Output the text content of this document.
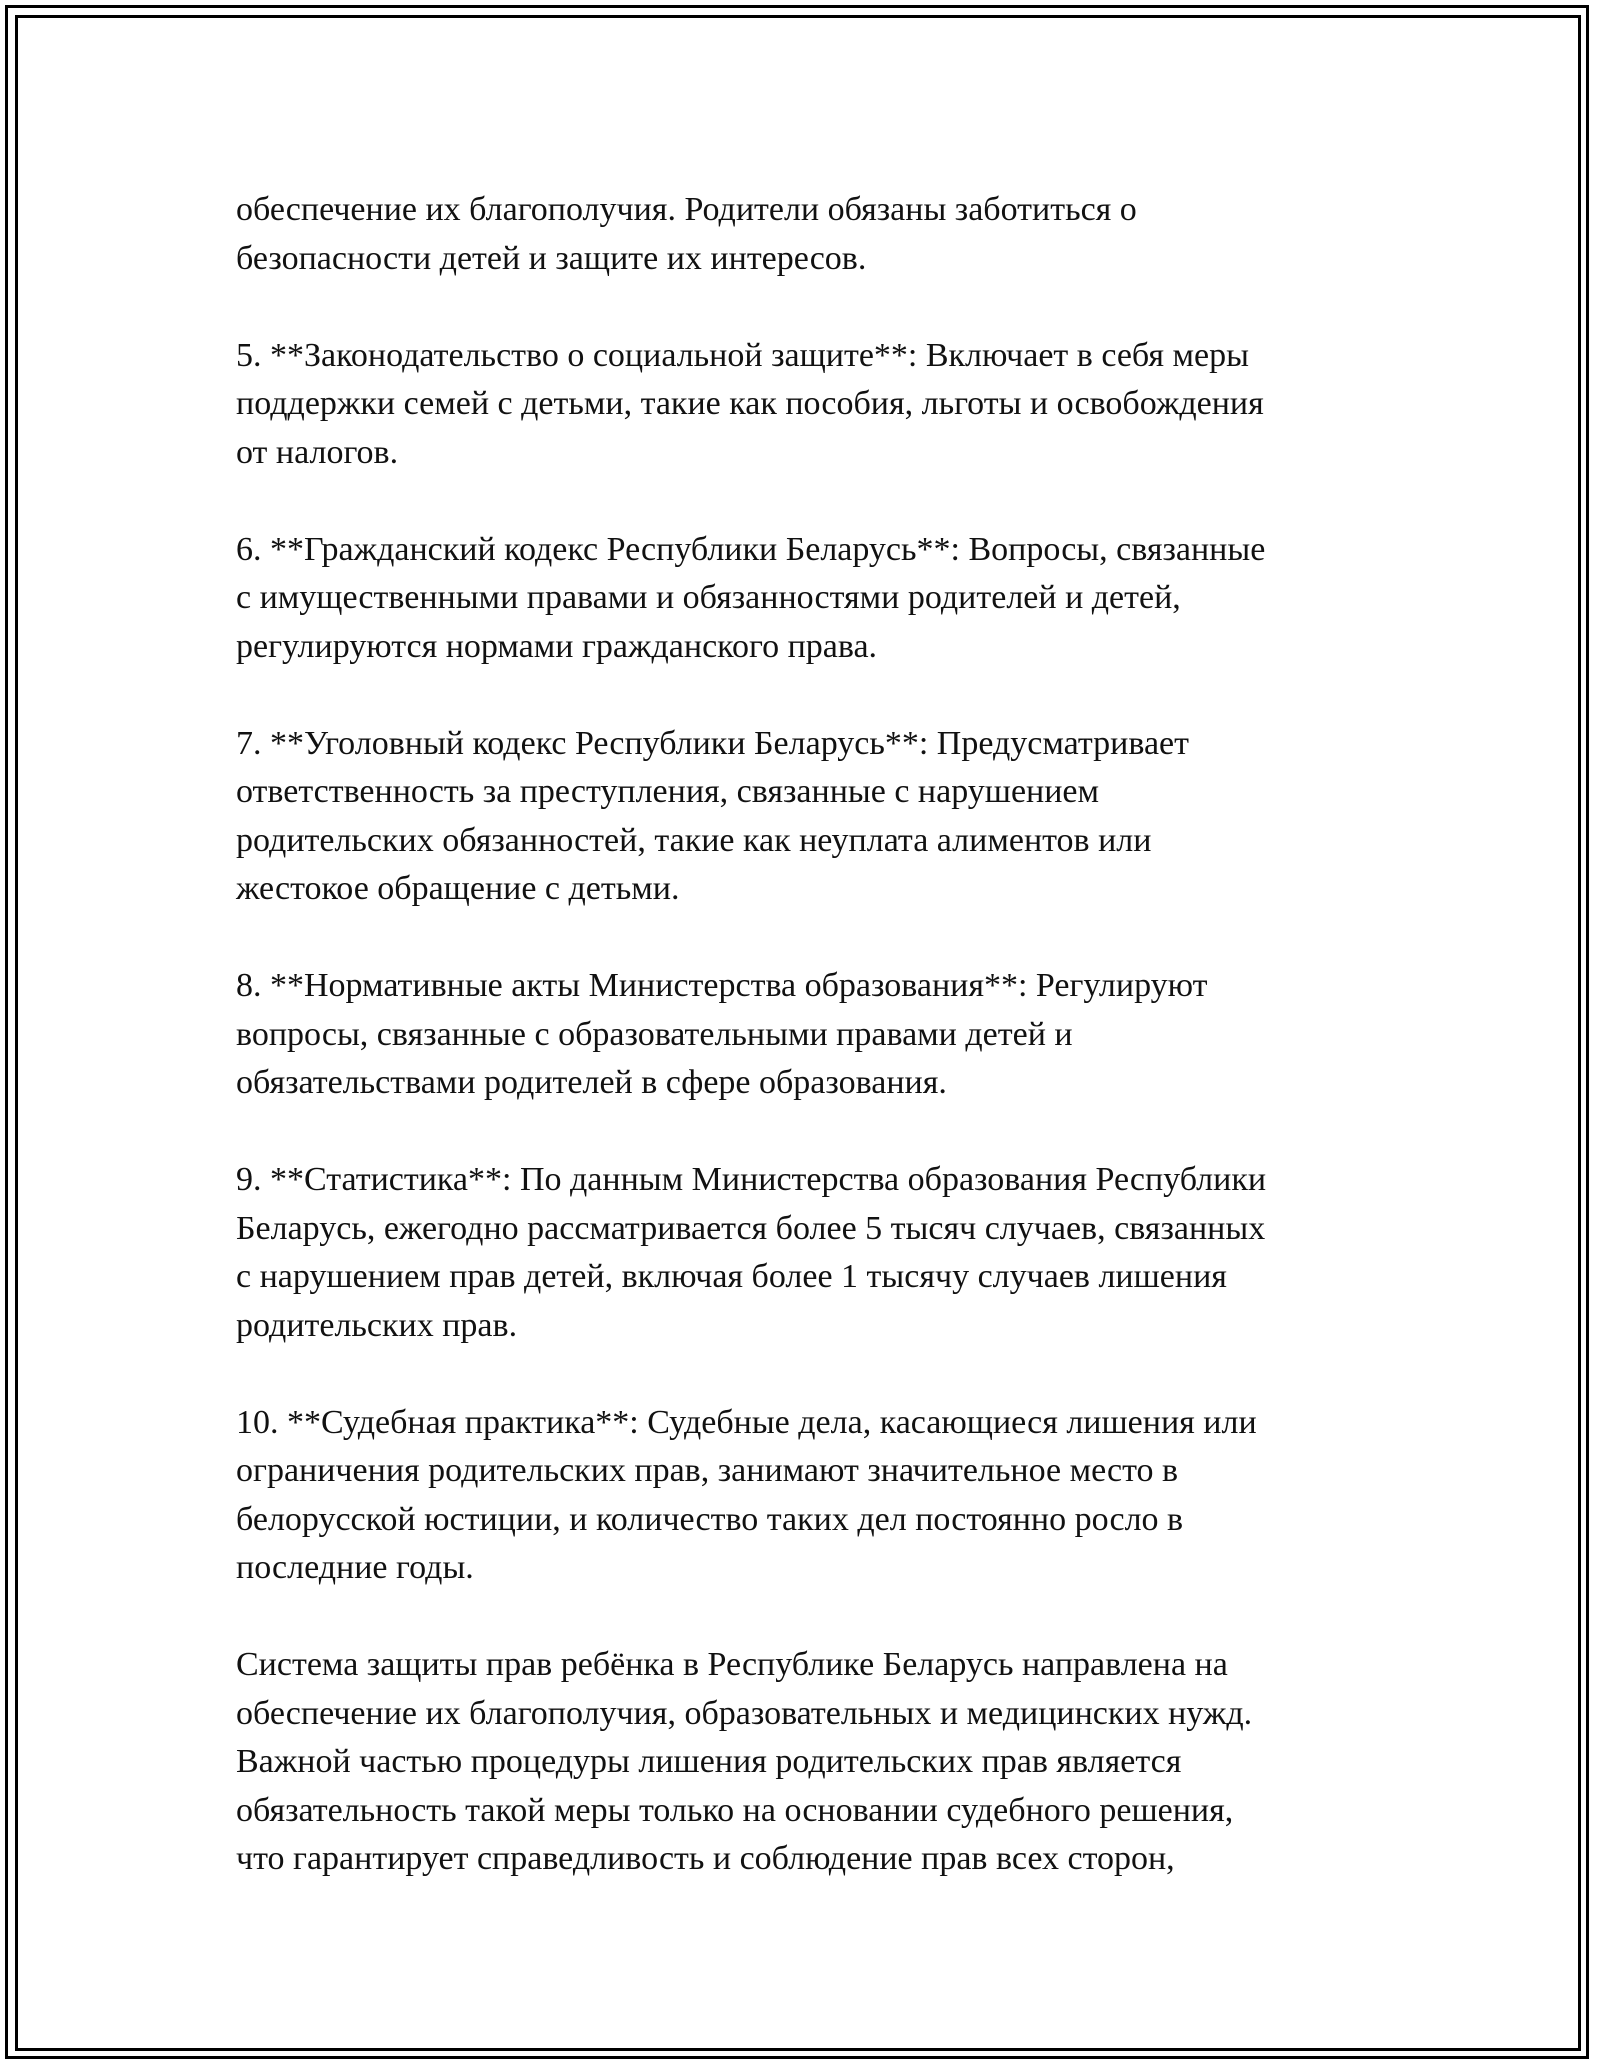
обеспечение их благополучия. Родители обязаны заботиться о
безопасности детей и защите их интересов.

5. **Законодательство о социальной защите**: Включает в себя меры
поддержки семей с детьми, такие как пособия, льготы и освобождения
от налогов.

6. **Гражданский кодекс Республики Беларусь**: Вопросы, связанные
с имущественными правами и обязанностями родителей и детей,
регулируются нормами гражданского права.

7. **Уголовный кодекс Республики Беларусь**: Предусматривает
ответственность за преступления, связанные с нарушением
родительских обязанностей, такие как неуплата алиментов или
жестокое обращение с детьми.

8. **Нормативные акты Министерства образования**: Регулируют
вопросы, связанные с образовательными правами детей и
обязательствами родителей в сфере образования.

9. **Статистика**: По данным Министерства образования Республики
Беларусь, ежегодно рассматривается более 5 тысяч случаев, связанных
с нарушением прав детей, включая более 1 тысячу случаев лишения
родительских прав.

10. **Судебная практика**: Судебные дела, касающиеся лишения или
ограничения родительских прав, занимают значительное место в
белорусской юстиции, и количество таких дел постоянно росло в
последние годы.

Система защиты прав ребёнка в Республике Беларусь направлена на
обеспечение их благополучия, образовательных и медицинских нужд.
Важной частью процедуры лишения родительских прав является
обязательность такой меры только на основании судебного решения,
что гарантирует справедливость и соблюдение прав всех сторон,
